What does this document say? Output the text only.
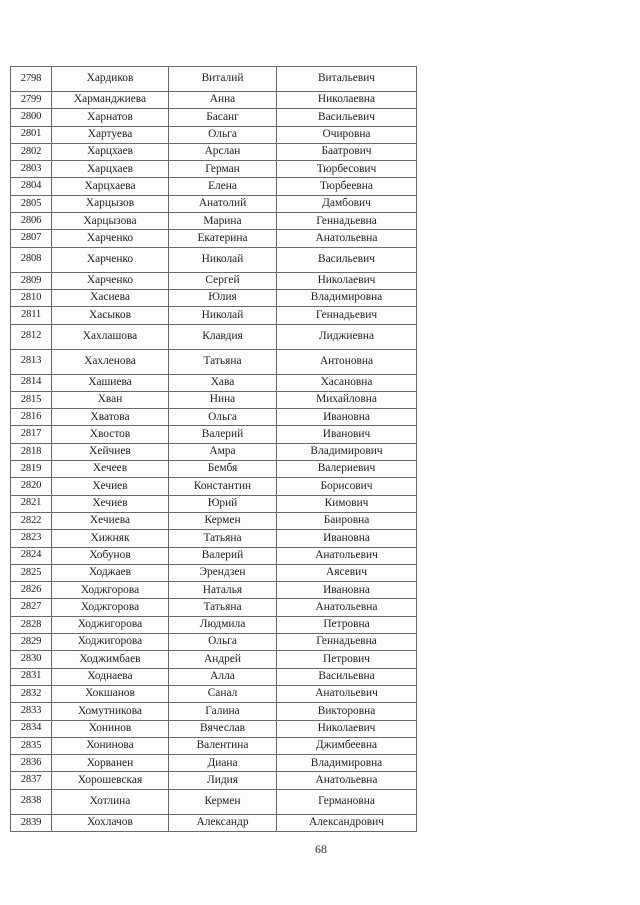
2798	Хардиков	Виталий	Витальевич
2799	Харманджиева	Анна	Николаевна
2800	Харнатов	Басанг	Васильевич
2801	Хартуева	Ольга	Очировна
2802	Харцхаев	Арслан	Баатрович
2803	Харцхаев	Герман	Тюрбесович
2804	Харцхаева	Елена	Тюрбеевна
2805	Харцызов	Анатолий	Дамбович
2806	Харцызова	Марина	Геннадьевна
2807	Харченко	Екатерина	Анатольевна
2808	Харченко	Николай	Васильевич
2809	Харченко	Сергей	Николаевич
2810	Хасиева	Юлия	Владимировна
2811	Хасыков	Николай	Геннадьевич
2812	Хахлашова	Клавдия	Лиджиевна
2813	Хахленова	Татьяна	Антоновна
2814	Хашиева	Хава	Хасановна
2815	Хван	Нина	Михайловна
2816	Хватова	Ольга	Ивановна
2817	Хвостов	Валерий	Иванович
2818	Хейчиев	Амра	Владимирович
2819	Хечеев	Бембя	Валериевич
2820	Хечиев	Константин	Борисович
2821	Хечиев	Юрий	Кимович
2822	Хечиева	Кермен	Баировна
2823	Хижняк	Татьяна	Ивановна
2824	Хобунов	Валерий	Анатольевич
2825	Ходжаев	Эрендзен	Аясевич
2826	Ходжгорова	Наталья	Ивановна
2827	Ходжгорова	Татьяна	Анатольевна
2828	Ходжигорова	Людмила	Петровна
2829	Ходжигорова	Ольга	Геннадьевна
2830	Ходжимбаев	Андрей	Петрович
2831	Ходнаева	Алла	Васильевна
2832	Хокшанов	Санал	Анатольевич
2833	Хомутникова	Галина	Викторовна
2834	Хонинов	Вячеслав	Николаевич
2835	Хонинова	Валентина	Джимбеевна
2836	Хорванен	Диана	Владимировна
2837	Хорошевская	Лидия	Анатольевна
2838	Хотлина	Кермен	Германовна
2839	Хохлачов	Александр	Александрович
68
